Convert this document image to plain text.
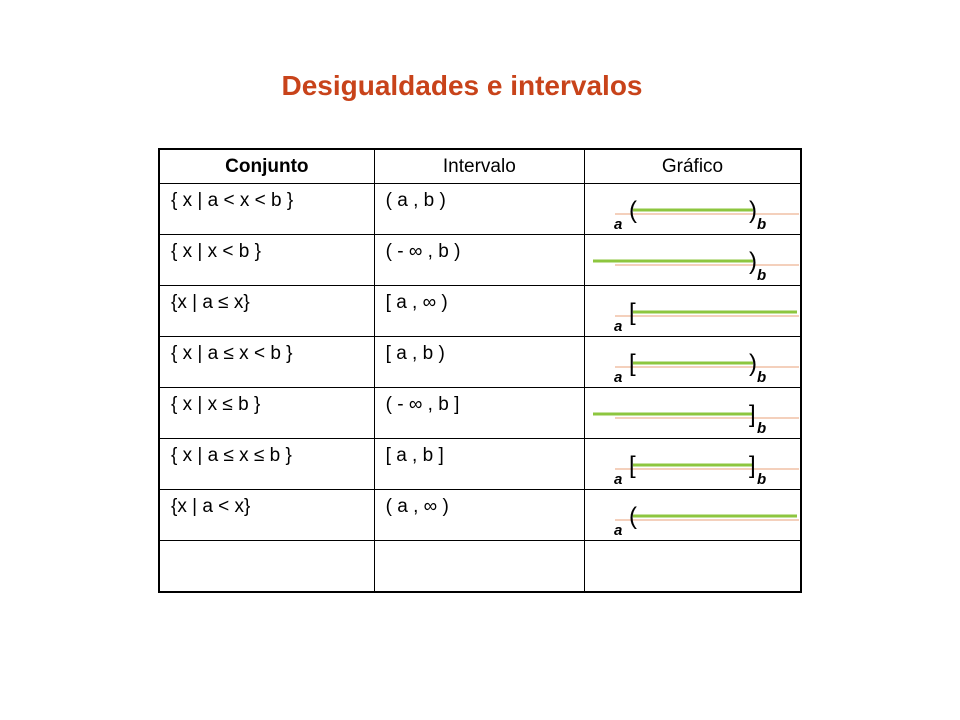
Desigualdades e intervalos
Conjunto	Intervalo	Gráfico

{ x | a < x < b }	( a , b )	(
a
)
b

{ x | x < b }	( - ∞ , b )	)
b

{x | a ≤ x}	[ a , ∞ )	[
a

{ x | a ≤ x < b }	[ a , b )	[
a
)
b

{ x | x ≤ b }	( - ∞ , b ]	]
b

{ x | a ≤ x ≤ b }	[ a , b ]	[
a
]
b

{x | a < x}	( a , ∞ )	(
a
